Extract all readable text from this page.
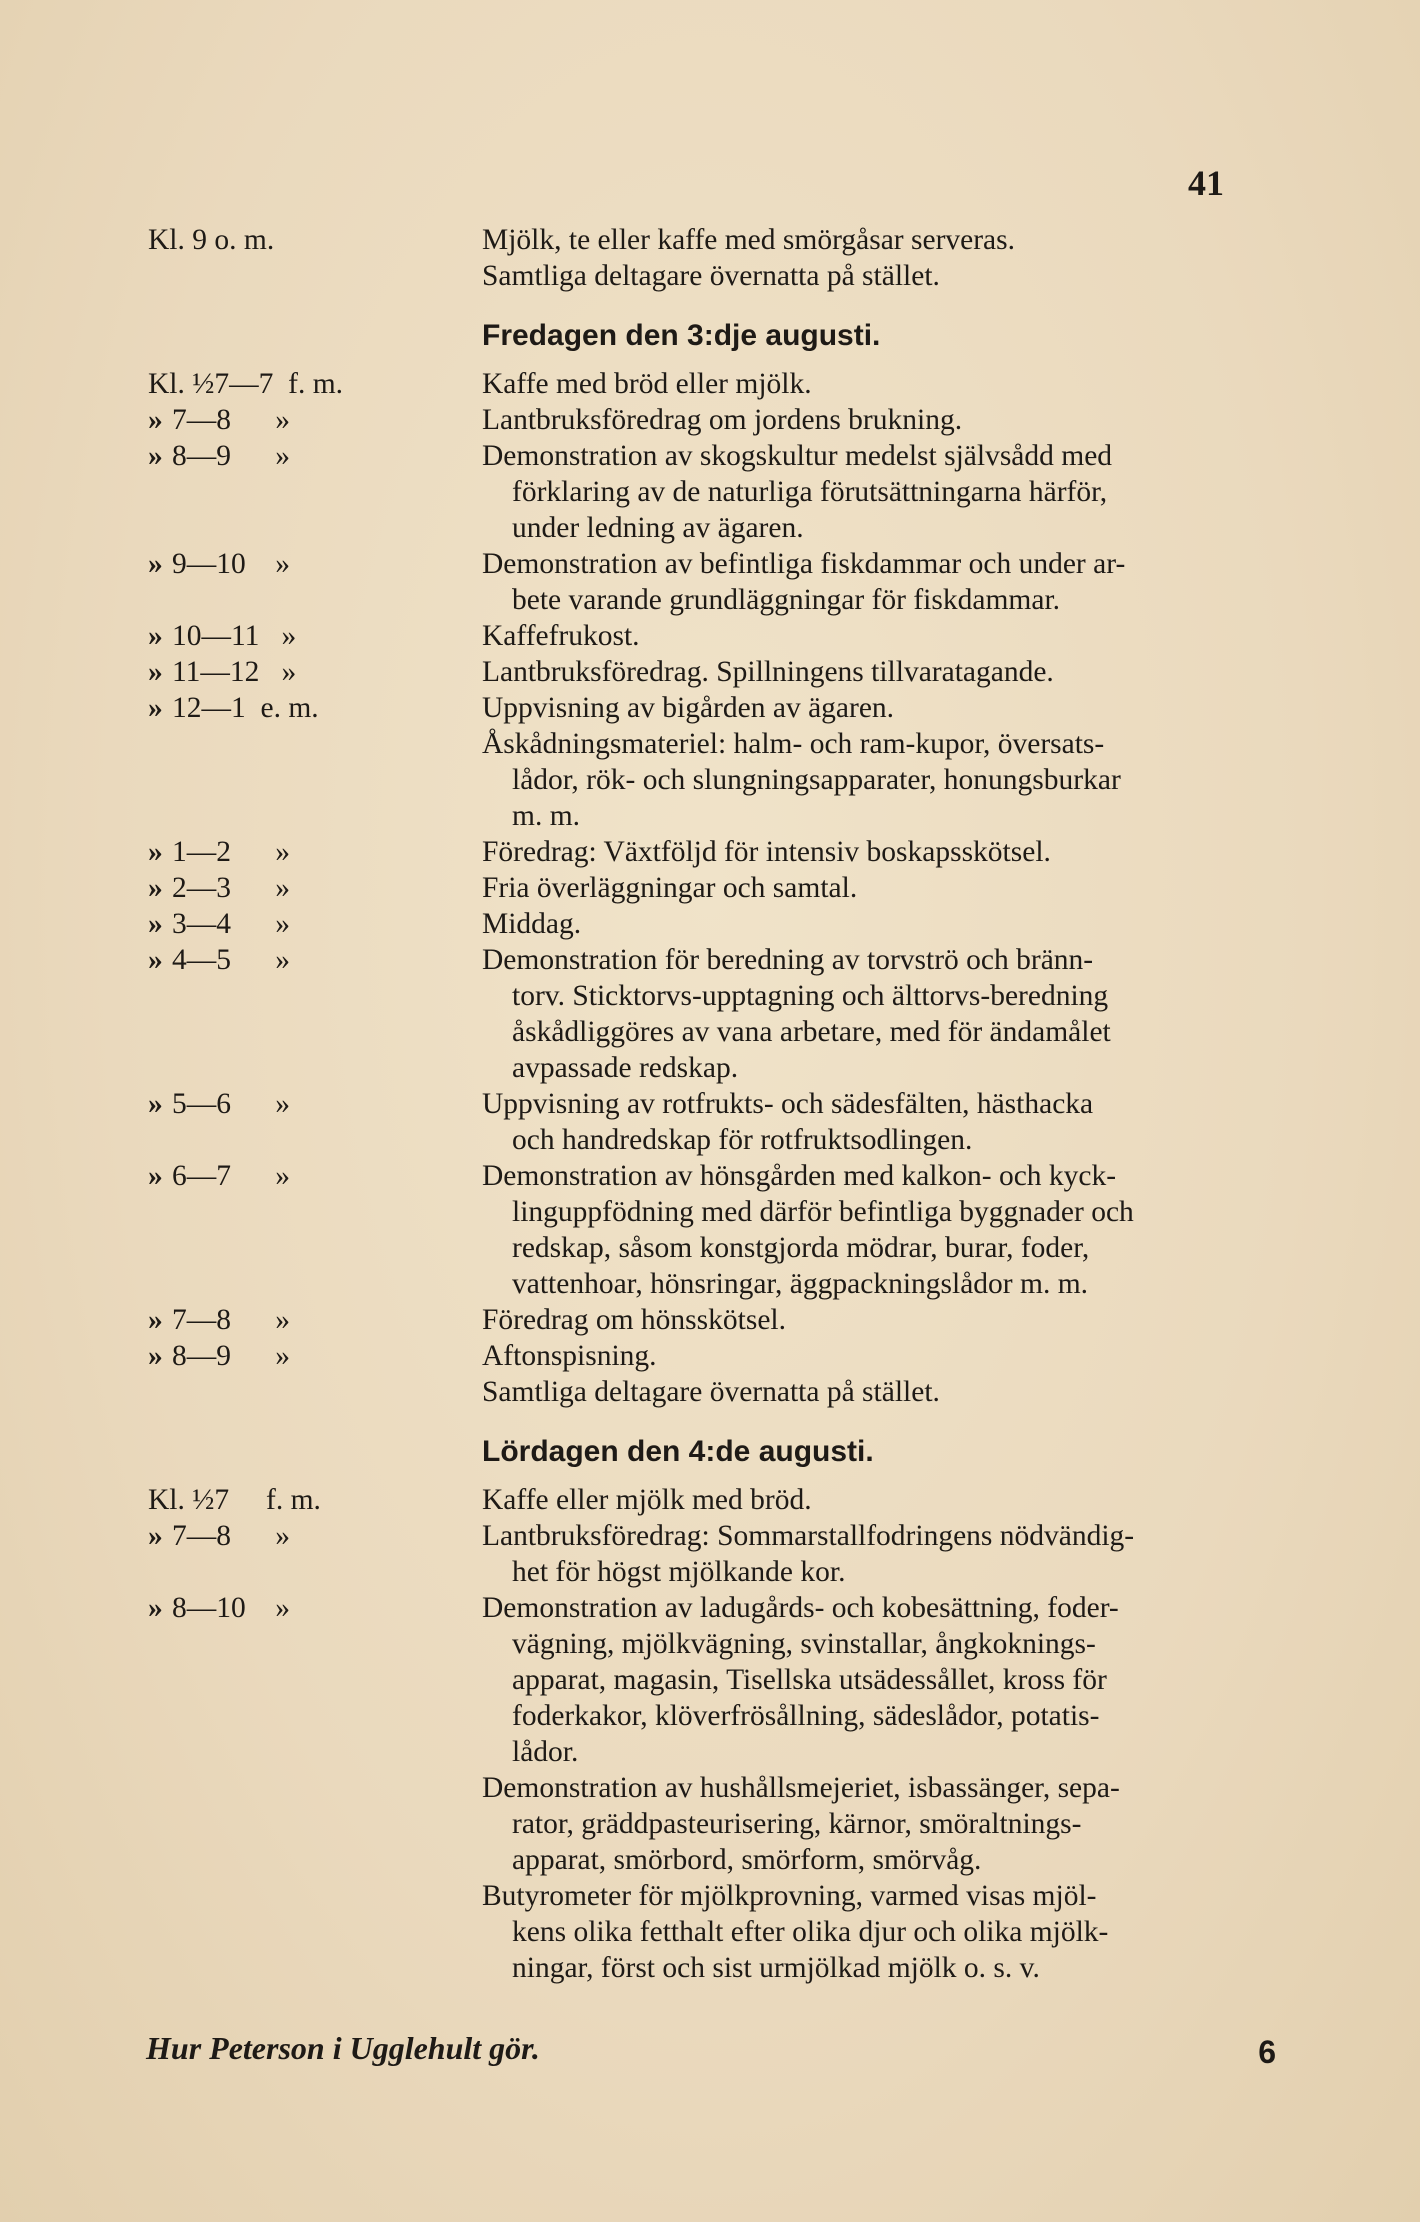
41
Kl. 9 o. m.	Mjölk, te eller kaffe med smörgåsar serveras.
Samtliga deltagare övernatta på stället.
Fredagen den 3:dje augusti.
Kl. ½7—7  f. m.	Kaffe med bröd eller mjölk.
» 7—8      »	Lantbruksföredrag om jordens brukning.
» 8—9      »	Demonstration av skogskultur medelst självsådd med
förklaring av de naturliga förutsättningarna härför,
under ledning av ägaren.
» 9—10    »	Demonstration av befintliga fiskdammar och under ar-
bete varande grundläggningar för fiskdammar.
» 10—11   »	Kaffefrukost.
» 11—12   »	Lantbruksföredrag. Spillningens tillvaratagande.
» 12—1  e. m.	Uppvisning av bigården av ägaren.
Åskådningsmateriel: halm- och ram-kupor, översats-
lådor, rök- och slungningsapparater, honungsburkar
m. m.
» 1—2      »	Föredrag: Växtföljd för intensiv boskapsskötsel.
» 2—3      »	Fria överläggningar och samtal.
» 3—4      »	Middag.
» 4—5      »	Demonstration för beredning av torvströ och bränn-
torv. Sticktorvs-upptagning och älttorvs-beredning
åskådliggöres av vana arbetare, med för ändamålet
avpassade redskap.
» 5—6      »	Uppvisning av rotfrukts- och sädesfälten, hästhacka
och handredskap för rotfruktsodlingen.
» 6—7      »	Demonstration av hönsgården med kalkon- och kyck-
linguppfödning med därför befintliga byggnader och
redskap, såsom konstgjorda mödrar, burar, foder,
vattenhoar, hönsringar, äggpackningslådor m. m.
» 7—8      »	Föredrag om hönsskötsel.
» 8—9      »	Aftonspisning.
Samtliga deltagare övernatta på stället.
Lördagen den 4:de augusti.
Kl. ½7     f. m.	Kaffe eller mjölk med bröd.
» 7—8      »	Lantbruksföredrag: Sommarstallfodringens nödvändig-
het för högst mjölkande kor.
» 8—10    »	Demonstration av ladugårds- och kobesättning, foder-
vägning, mjölkvägning, svinstallar, ångkoknings-
apparat, magasin, Tisellska utsädessållet, kross för
foderkakor, klöverfrösållning, sädeslådor, potatis-
lådor.
Demonstration av hushållsmejeriet, isbassänger, sepa-
rator, gräddpasteurisering, kärnor, smöraltnings-
apparat, smörbord, smörform, smörvåg.
Butyrometer för mjölkprovning, varmed visas mjöl-
kens olika fetthalt efter olika djur och olika mjölk-
ningar, först och sist urmjölkad mjölk o. s. v.
Hur Peterson i Ugglehult gör.	6
